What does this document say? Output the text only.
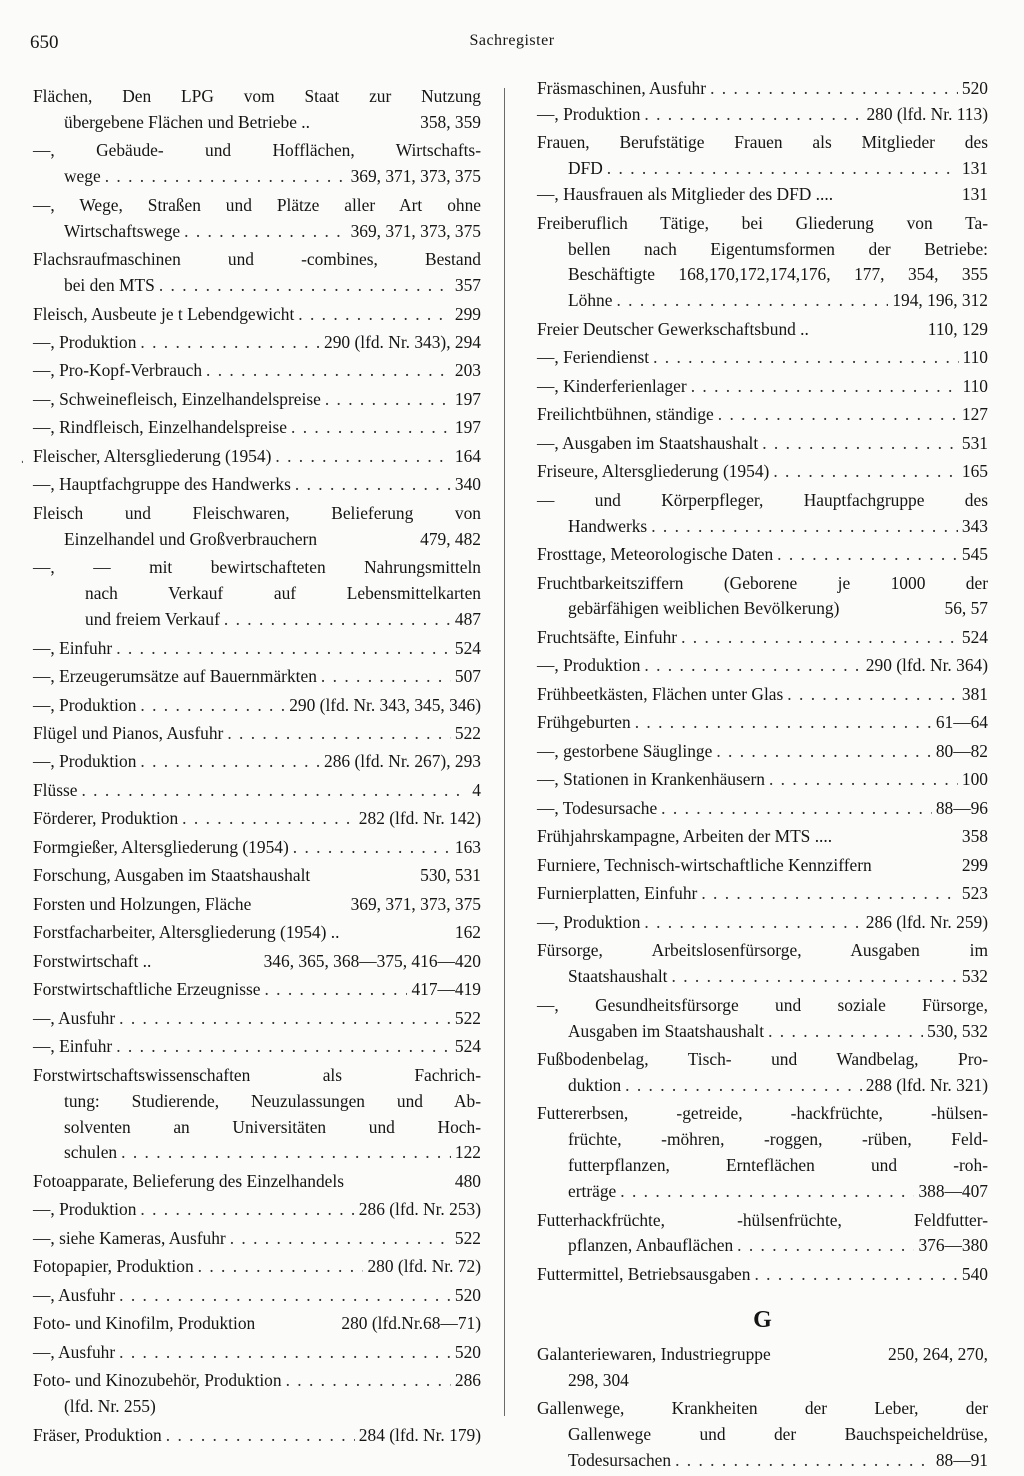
650	Sachregister
ˌ
Flächen, Den LPG vom Staat zur Nutzung
übergebene Flächen und Betriebe ..	358, 359
—, Gebäude- und Hofflächen, Wirtschafts-
wege . . .	369, 371, 373, 375
—, Wege, Straßen und Plätze aller Art ohne
Wirtschaftswege . . .	369, 371, 373, 375
Flachsraufmaschinen und -combines, Bestand
bei den MTS . . .	357
Fleisch, Ausbeute je t Lebendgewicht . . .	299
—, Produktion . . .	290 (lfd. Nr. 343), 294
—, Pro-Kopf-Verbrauch . . .	203
—, Schweinefleisch, Einzelhandelspreise . . .	197
—, Rindfleisch, Einzelhandelspreise . . .	197
Fleischer, Altersgliederung (1954) . . .	164
—, Hauptfachgruppe des Handwerks . . .	340
Fleisch und Fleischwaren, Belieferung von
Einzelhandel und Großverbrauchern	479, 482
—, — mit bewirtschafteten Nahrungsmitteln
nach Verkauf auf Lebensmittelkarten
und freiem Verkauf . . .	487
—, Einfuhr . . .	524
—, Erzeugerumsätze auf Bauernmärkten . . .	507
—, Produktion . . .	290 (lfd. Nr. 343, 345, 346)
Flügel und Pianos, Ausfuhr . . .	522
—, Produktion . . .	286 (lfd. Nr. 267), 293
Flüsse . . .	4
Förderer, Produktion . . .	282 (lfd. Nr. 142)
Formgießer, Altersgliederung (1954) . . .	163
Forschung, Ausgaben im Staatshaushalt	530, 531
Forsten und Holzungen, Fläche	369, 371, 373, 375
Forstfacharbeiter, Altersgliederung (1954) ..	162
Forstwirtschaft ..	346, 365, 368—375, 416—420
Forstwirtschaftliche Erzeugnisse . . .	417—419
—, Ausfuhr . . .	522
—, Einfuhr . . .	524
Forstwirtschaftswissenschaften als Fachrich-
tung: Studierende, Neuzulassungen und Ab-
solventen an Universitäten und Hoch-
schulen . . .	122
Fotoapparate, Belieferung des Einzelhandels	480
—, Produktion . . .	286 (lfd. Nr. 253)
—, siehe Kameras, Ausfuhr . . .	522
Fotopapier, Produktion . . .	280 (lfd. Nr. 72)
—, Ausfuhr . . .	520
Foto- und Kinofilm, Produktion	280 (lfd.Nr.68—71)
—, Ausfuhr . . .	520
Foto- und Kinozubehör, Produktion . . .	286
(lfd. Nr. 255)
Fräser, Produktion . . .	284 (lfd. Nr. 179)
Fräsmaschinen, Ausfuhr . . .	520
—, Produktion . . .	280 (lfd. Nr. 113)
Frauen, Berufstätige Frauen als Mitglieder des
DFD . . .	131
—, Hausfrauen als Mitglieder des DFD ....	131
Freiberuflich Tätige, bei Gliederung von Ta-
bellen nach Eigentumsformen der Betriebe:
Beschäftigte 168,170,172,174,176, 177, 354, 355
Löhne . . .	194, 196, 312
Freier Deutscher Gewerkschaftsbund ..	110, 129
—, Feriendienst . . .	110
—, Kinderferienlager . . .	110
Freilichtbühnen, ständige . . .	127
—, Ausgaben im Staatshaushalt . . .	531
Friseure, Altersgliederung (1954) . . .	165
— und Körperpfleger, Hauptfachgruppe des
Handwerks . . .	343
Frosttage, Meteorologische Daten . . .	545
Fruchtbarkeitsziffern (Geborene je 1000 der
gebärfähigen weiblichen Bevölkerung)	56, 57
Fruchtsäfte, Einfuhr . . .	524
—, Produktion . . .	290 (lfd. Nr. 364)
Frühbeetkästen, Flächen unter Glas . . .	381
Frühgeburten . . .	61—64
—, gestorbene Säuglinge . . .	80—82
—, Stationen in Krankenhäusern . . .	100
—, Todesursache . . .	88—96
Frühjahrskampagne, Arbeiten der MTS ....	358
Furniere, Technisch-wirtschaftliche Kennziffern	299
Furnierplatten, Einfuhr . . .	523
—, Produktion . . .	286 (lfd. Nr. 259)
Fürsorge, Arbeitslosenfürsorge, Ausgaben im
Staatshaushalt . . .	532
—, Gesundheitsfürsorge und soziale Fürsorge,
Ausgaben im Staatshaushalt . . .	530, 532
Fußbodenbelag, Tisch- und Wandbelag, Pro-
duktion . . .	288 (lfd. Nr. 321)
Futtererbsen, -getreide, -hackfrüchte, -hülsen-
früchte, -möhren, -roggen, -rüben, Feld-
futterpflanzen, Ernteflächen und -roh-
erträge . . .	388—407
Futterhackfrüchte, -hülsenfrüchte, Feldfutter-
pflanzen, Anbauflächen . . .	376—380
Futtermittel, Betriebsausgaben . . .	540
G
Galanteriewaren, Industriegruppe	250, 264, 270,
298, 304
Gallenwege, Krankheiten der Leber, der
Gallenwege und der Bauchspeicheldrüse,
Todesursachen . . .	88—91
